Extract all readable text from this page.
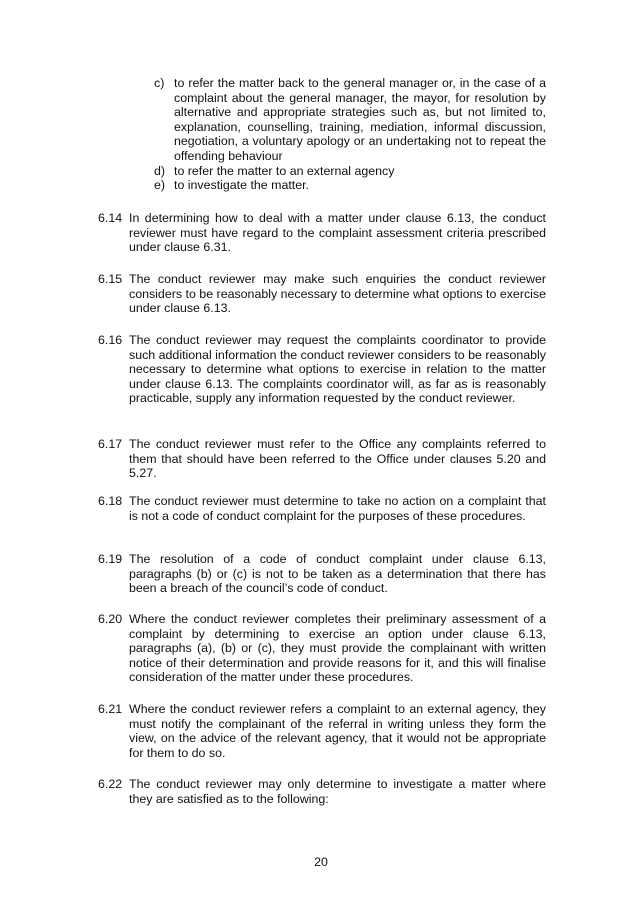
c) to refer the matter back to the general manager or, in the case of a complaint about the general manager, the mayor, for resolution by alternative and appropriate strategies such as, but not limited to, explanation, counselling, training, mediation, informal discussion, negotiation, a voluntary apology or an undertaking not to repeat the offending behaviour
d) to refer the matter to an external agency
e) to investigate the matter.
6.14 In determining how to deal with a matter under clause 6.13, the conduct reviewer must have regard to the complaint assessment criteria prescribed under clause 6.31.
6.15 The conduct reviewer may make such enquiries the conduct reviewer considers to be reasonably necessary to determine what options to exercise under clause 6.13.
6.16 The conduct reviewer may request the complaints coordinator to provide such additional information the conduct reviewer considers to be reasonably necessary to determine what options to exercise in relation to the matter under clause 6.13. The complaints coordinator will, as far as is reasonably practicable, supply any information requested by the conduct reviewer.
6.17 The conduct reviewer must refer to the Office any complaints referred to them that should have been referred to the Office under clauses 5.20 and 5.27.
6.18 The conduct reviewer must determine to take no action on a complaint that is not a code of conduct complaint for the purposes of these procedures.
6.19 The resolution of a code of conduct complaint under clause 6.13, paragraphs (b) or (c) is not to be taken as a determination that there has been a breach of the council’s code of conduct.
6.20 Where the conduct reviewer completes their preliminary assessment of a complaint by determining to exercise an option under clause 6.13, paragraphs (a), (b) or (c), they must provide the complainant with written notice of their determination and provide reasons for it, and this will finalise consideration of the matter under these procedures.
6.21 Where the conduct reviewer refers a complaint to an external agency, they must notify the complainant of the referral in writing unless they form the view, on the advice of the relevant agency, that it would not be appropriate for them to do so.
6.22 The conduct reviewer may only determine to investigate a matter where they are satisfied as to the following:
20
